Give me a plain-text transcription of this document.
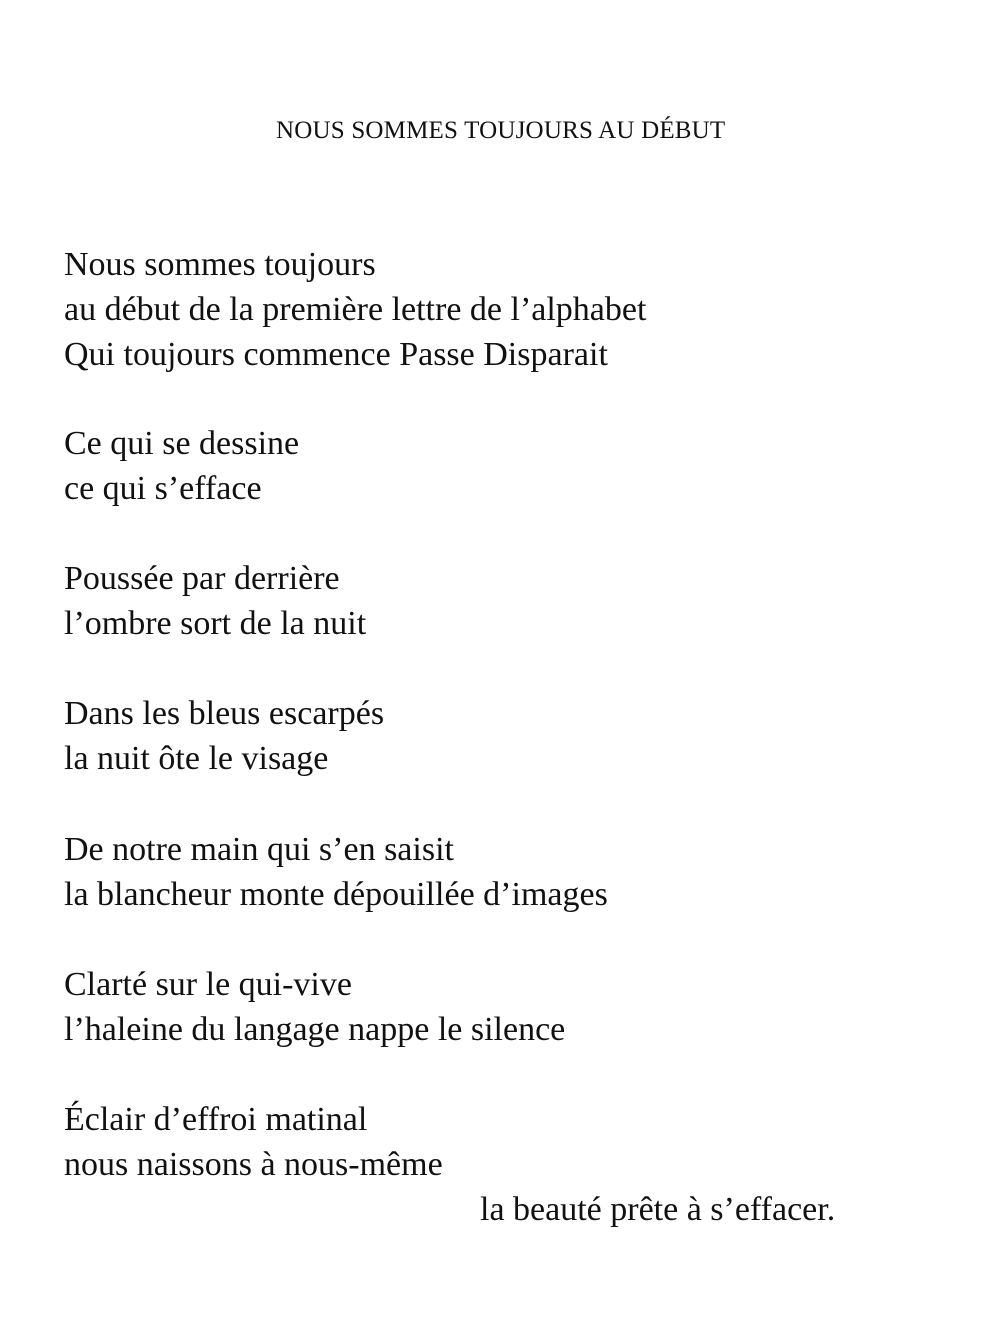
NOUS SOMMES TOUJOURS AU DÉBUT
Nous sommes toujours
au début de la première lettre de l’alphabet
Qui toujours commence Passe Disparait
Ce qui se dessine
ce qui s’efface
Poussée par derrière
l’ombre sort de la nuit
Dans les bleus escarpés
la nuit ôte le visage
De notre main qui s’en saisit
la blancheur monte dépouillée d’images
Clarté sur le qui-vive
l’haleine du langage nappe le silence
Éclair d’effroi matinal
nous naissons à nous-même
la beauté prête à s’effacer.
